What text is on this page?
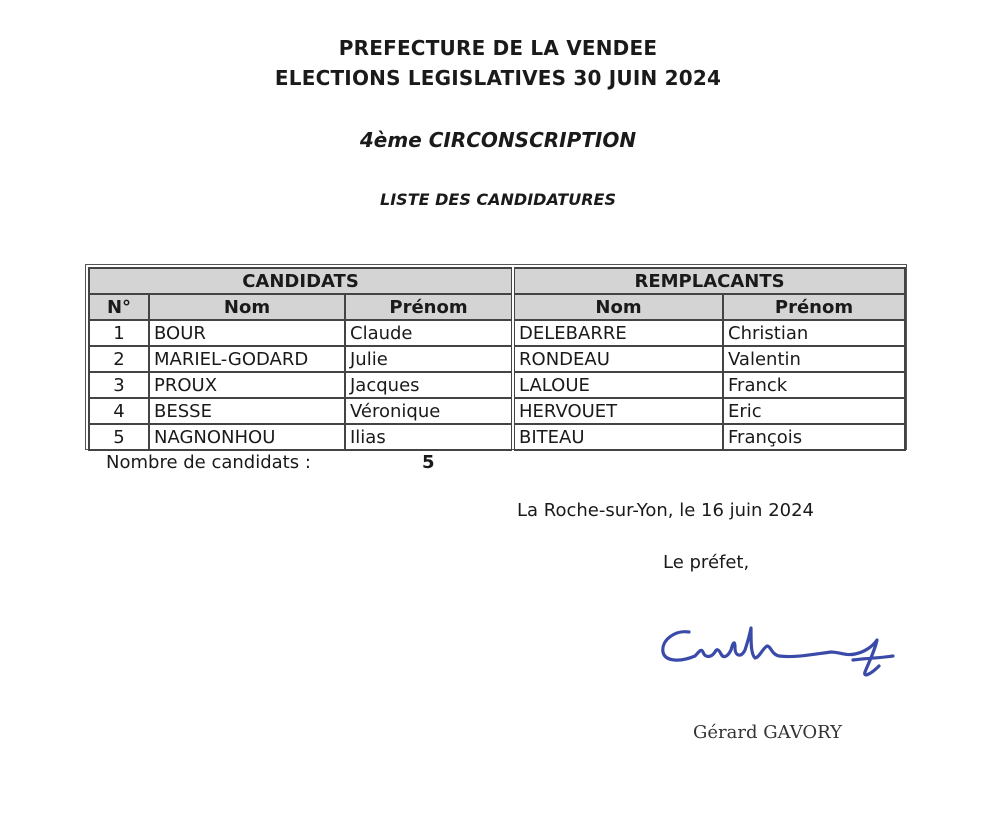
PREFECTURE DE LA VENDEE
ELECTIONS LEGISLATIVES 30 JUIN 2024
4ème CIRCONSCRIPTION
LISTE DES CANDIDATURES
CANDIDATS			REMPLACANTS	
N°	Nom	Prénom	Nom	Prénom
1	BOUR	Claude	DELEBARRE	Christian
2	MARIEL-GODARD	Julie	RONDEAU	Valentin
3	PROUX	Jacques	LALOUE	Franck
4	BESSE	Véronique	HERVOUET	Eric
5	NAGNONHOU	Ilias	BITEAU	François
Nombre de candidats :	5
La Roche-sur-Yon, le 16 juin 2024
Le préfet,
Gérard GAVORY
